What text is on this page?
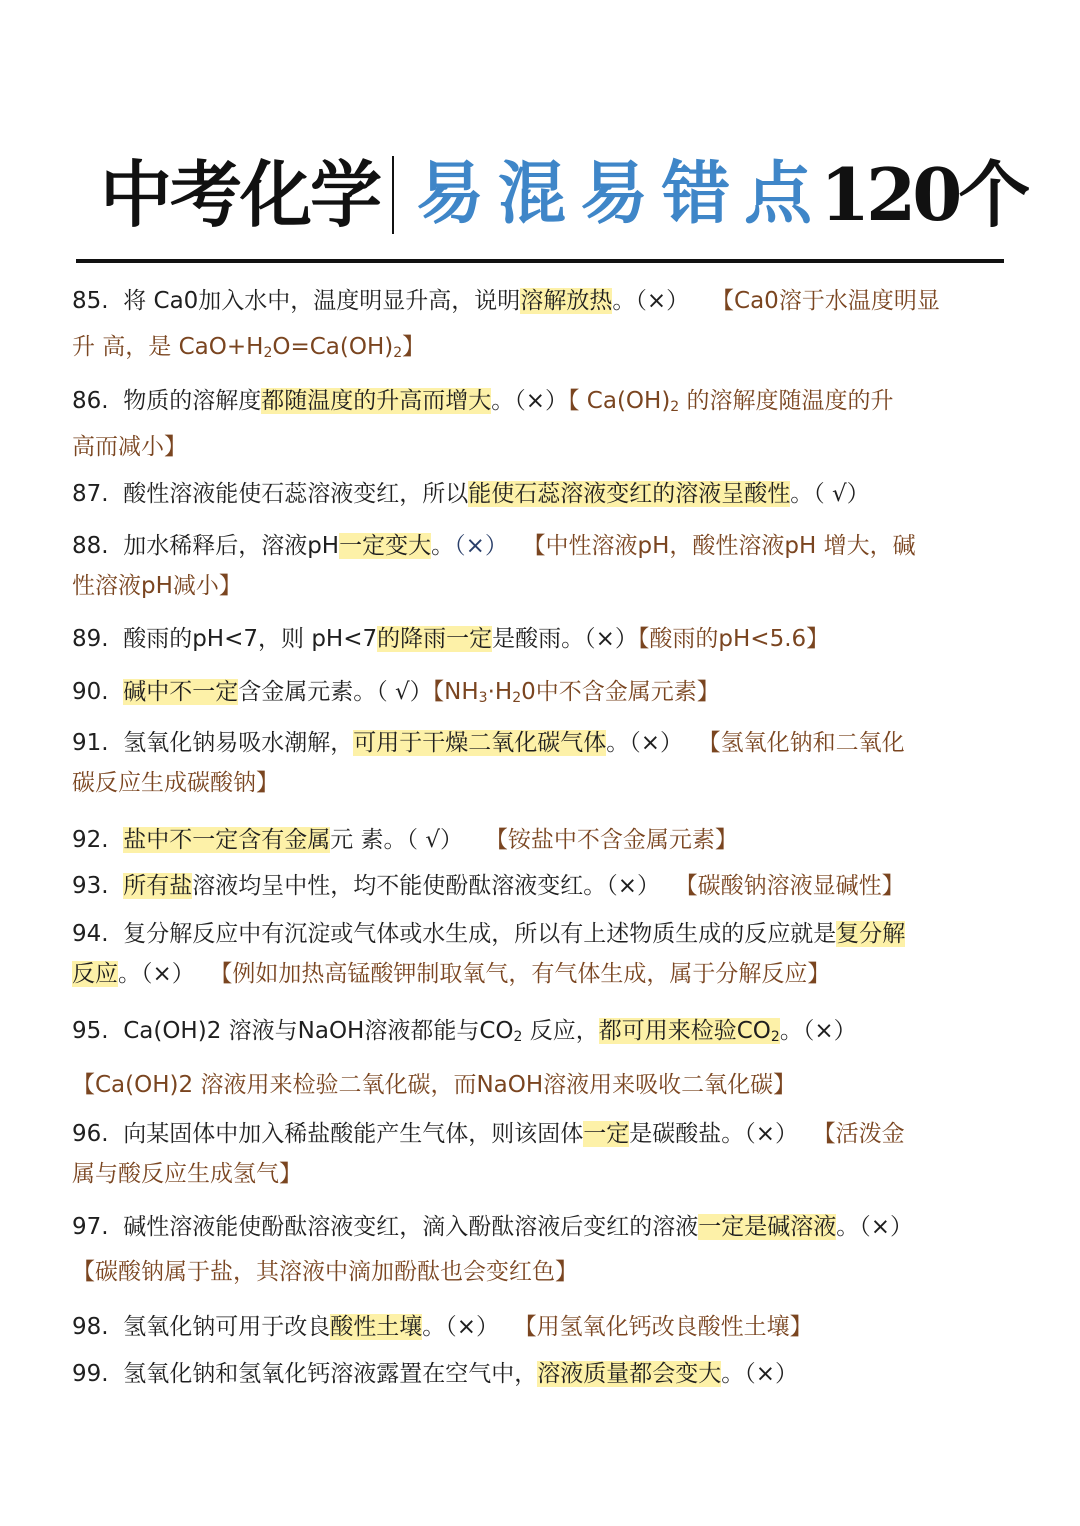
中考化学 易混易错点
120个
85. 将 Ca0加入水中，温度明显升高，说明溶解放热。（×） 【Ca0溶于水温度明显
升 高，是 $CaO+H_2O=Ca(OH)_2$】
86. 物质的溶解度都随温度的升高而增大。（×）【 $Ca(OH)_2$ 的溶解度随温度的升
高而减小】
87. 酸性溶液能使石蕊溶液变红，所以能使石蕊溶液变红的溶液呈酸性。（ √）
88. 加水稀释后，溶液pH一定变大。（×） 【中性溶液pH，酸性溶液pH 增大，碱
性溶液pH减小】
89. 酸雨的pH<7，则 pH<7的降雨一定是酸雨。（×）【酸雨的pH<5.6】
90. 碱中不一定含金属元素。（ √）【$NH_3\cdot H_20$中不含金属元素】
91. 氢氧化钠易吸水潮解，可用于干燥二氧化碳气体。（×） 【氢氧化钠和二氧化
碳反应生成碳酸钠】
92. 盐中不一定含有金属元 素。（ √） 【铵盐中不含金属元素】
93. 所有盐溶液均呈中性，均不能使酚酞溶液变红。（×） 【碳酸钠溶液显碱性】
94. 复分解反应中有沉淀或气体或水生成，所以有上述物质生成的反应就是复分解
反应。（×） 【例如加热高锰酸钾制取氧气，有气体生成，属于分解反应】
95. Ca(OH)2 溶液与NaOH溶液都能与$CO_2$ 反应，都可用来检验$CO_2$。（×）
【Ca(OH)2 溶液用来检验二氧化碳，而NaOH溶液用来吸收二氧化碳】
96. 向某固体中加入稀盐酸能产生气体，则该固体一定是碳酸盐。（×） 【活泼金
属与酸反应生成氢气】
97. 碱性溶液能使酚酞溶液变红，滴入酚酞溶液后变红的溶液一定是碱溶液。（×）
【碳酸钠属于盐，其溶液中滴加酚酞也会变红色】
98. 氢氧化钠可用于改良酸性土壤。（×） 【用氢氧化钙改良酸性土壤】
99. 氢氧化钠和氢氧化钙溶液露置在空气中，溶液质量都会变大。（×）
